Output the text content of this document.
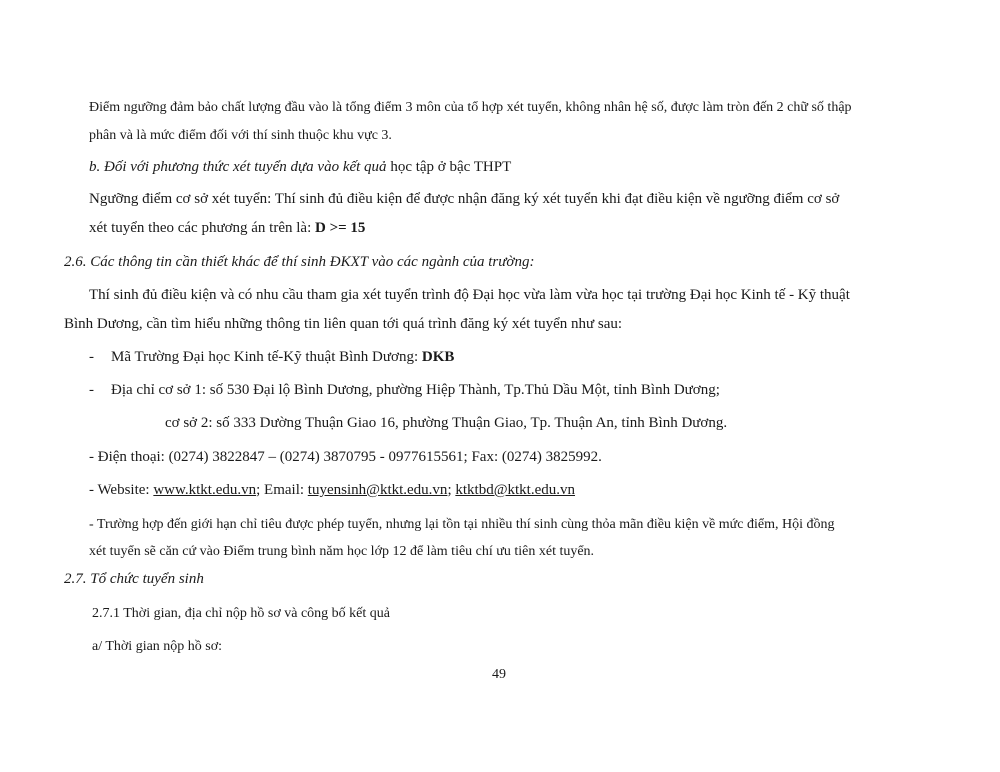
Điểm ngưỡng đảm bảo chất lượng đầu vào là tổng điểm 3 môn của tổ hợp xét tuyển, không nhân hệ số, được làm tròn đến 2 chữ số thập
phân và là mức điểm đối với thí sinh thuộc khu vực 3.
b. Đối với phương thức xét tuyển dựa vào kết quả học tập ở bậc THPT
Ngưỡng điểm cơ sở xét tuyển: Thí sinh đủ điều kiện để được nhận đăng ký xét tuyển khi đạt điều kiện về ngưỡng điểm cơ sở
xét tuyển theo các phương án trên là: D >= 15
2.6. Các thông tin cần thiết khác để thí sinh ĐKXT vào các ngành của trường:
Thí sinh đủ điều kiện và có nhu cầu tham gia xét tuyển trình độ Đại học vừa làm vừa học tại trường Đại học Kinh tế - Kỹ thuật
Bình Dương, cần tìm hiểu những thông tin liên quan tới quá trình đăng ký xét tuyển như sau:
- Mã Trường Đại học Kinh tế-Kỹ thuật Bình Dương: DKB
- Địa chỉ cơ sở 1: số 530 Đại lộ Bình Dương, phường Hiệp Thành, Tp.Thủ Dầu Một, tỉnh Bình Dương;
cơ sở 2: số 333 Dường Thuận Giao 16, phường Thuận Giao, Tp. Thuận An, tỉnh Bình Dương.
- Điện thoại: (0274) 3822847 – (0274) 3870795 - 0977615561; Fax: (0274) 3825992.
- Website: www.ktkt.edu.vn; Email: tuyensinh@ktkt.edu.vn; ktktbd@ktkt.edu.vn
- Trường hợp đến giới hạn chỉ tiêu được phép tuyển, nhưng lại tồn tại nhiều thí sinh cùng thỏa mãn điều kiện về mức điểm, Hội đồng
xét tuyển sẽ căn cứ vào Điểm trung bình năm học lớp 12 để làm tiêu chí ưu tiên xét tuyển.
2.7. Tổ chức tuyển sinh
2.7.1 Thời gian, địa chỉ nộp hồ sơ và công bố kết quả
a/ Thời gian nộp hồ sơ:
49
